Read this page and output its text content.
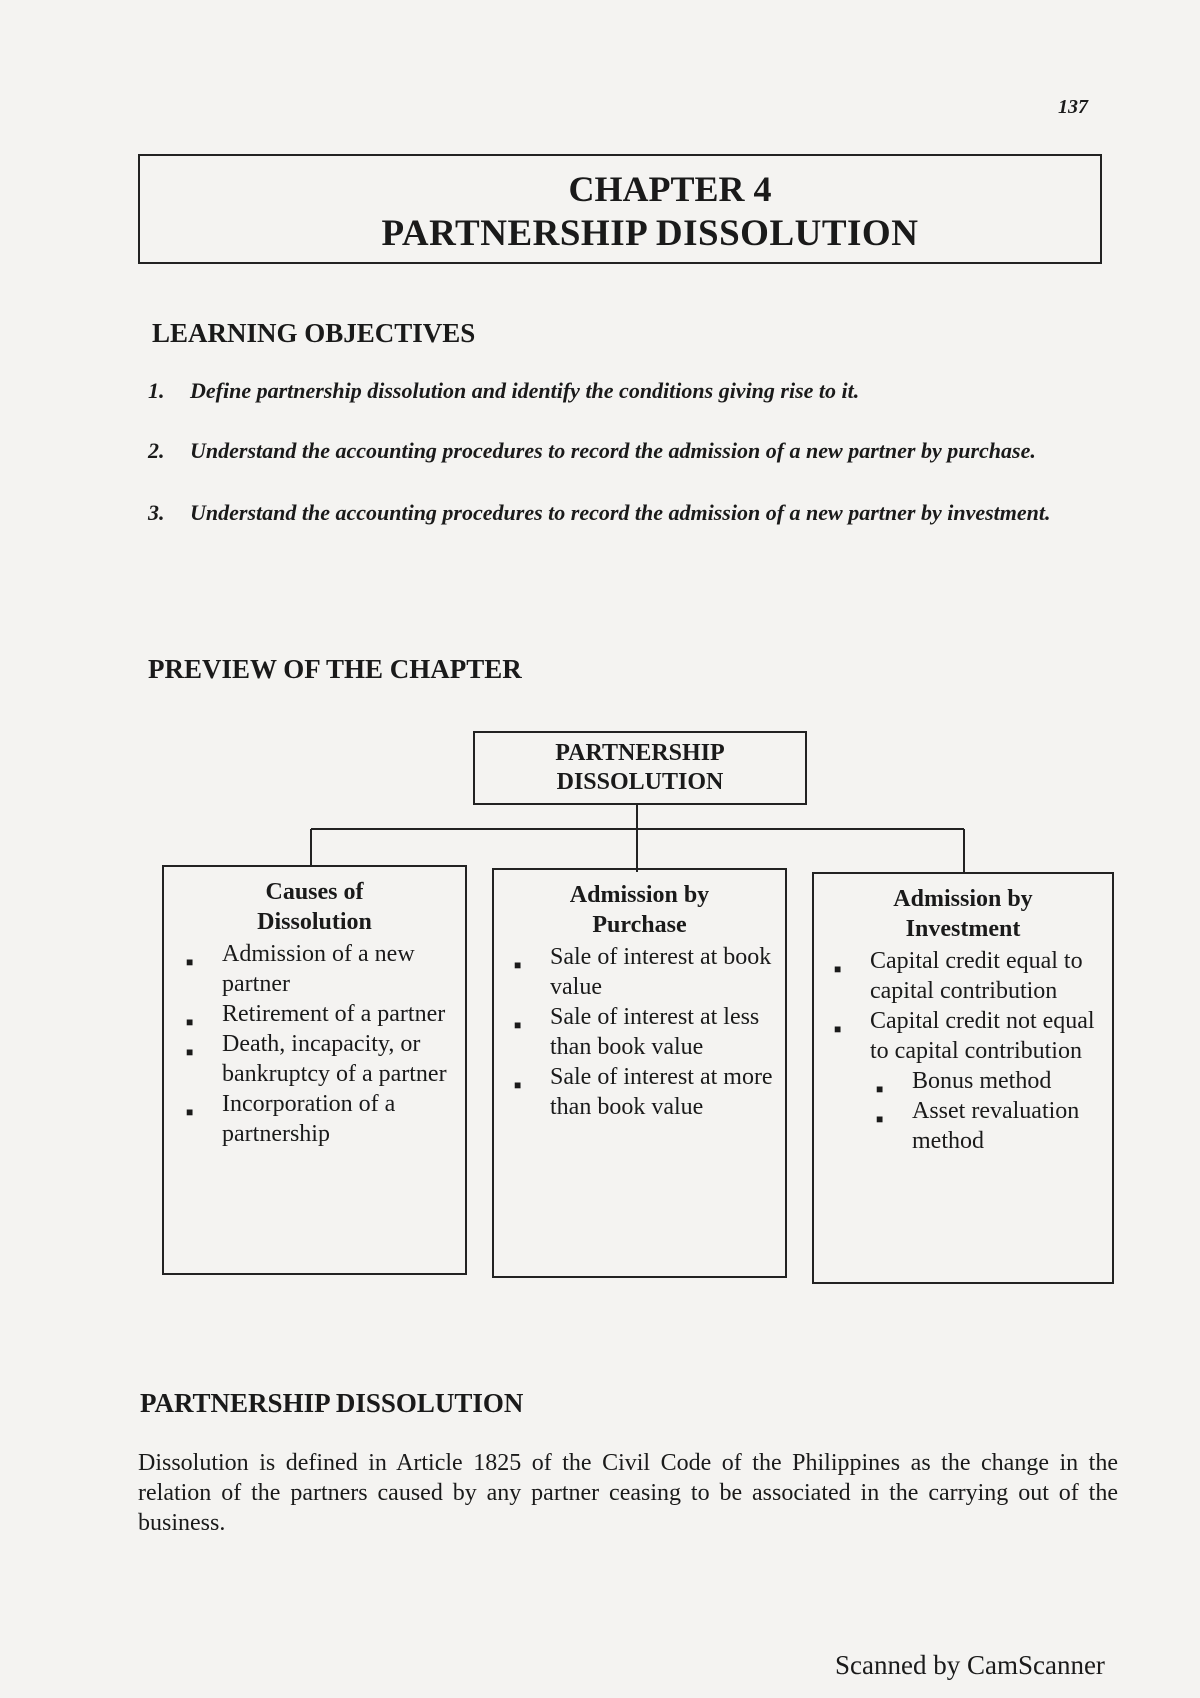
137
CHAPTER 4
PARTNERSHIP DISSOLUTION
LEARNING OBJECTIVES
1. Define partnership dissolution and identify the conditions giving rise to it.
2. Understand the accounting procedures to record the admission of a new partner by purchase.
3. Understand the accounting procedures to record the admission of a new partner by investment.
PREVIEW OF THE CHAPTER
PARTNERSHIP
DISSOLUTION
Causes of
Dissolution
■ Admission of a new partner
■ Retirement of a partner
■ Death, incapacity, or bankruptcy of a partner
■ Incorporation of a partnership
Admission by
Purchase
■ Sale of interest at book value
■ Sale of interest at less than book value
■ Sale of interest at more than book value
Admission by
Investment
■ Capital credit equal to capital contribution
■ Capital credit not equal to capital contribution
■ Bonus method
■ Asset revaluation method
PARTNERSHIP DISSOLUTION
Dissolution is defined in Article 1825 of the Civil Code of the Philippines as the change in the relation of the partners caused by any partner ceasing to be associated in the carrying out of the business.
Scanned by CamScanner
